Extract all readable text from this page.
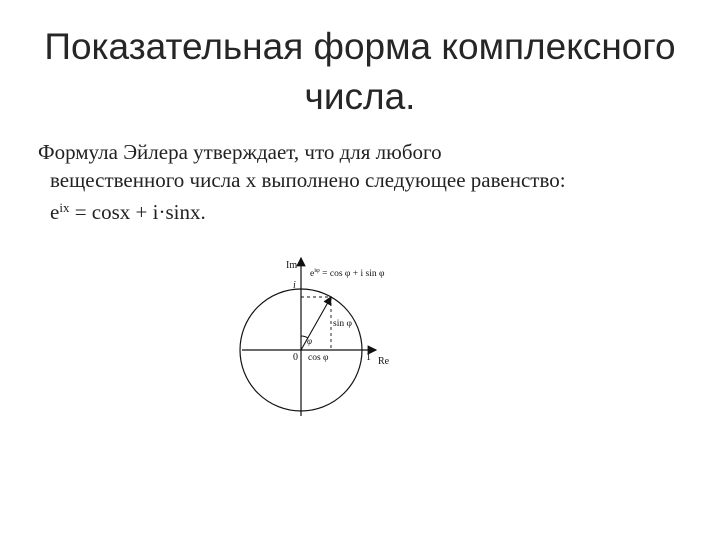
Показательная форма комплексного
числа.
Формула Эйлера утверждает, что для любого
вещественного числа x выполнено следующее равенство:
$e^{ix} = \cos x + i\cdot\sin x$.
Im
$e^{i\varphi} = \cos \varphi + i$ sin φ
i
sin φ
φ
0 cos φ	1 Re
